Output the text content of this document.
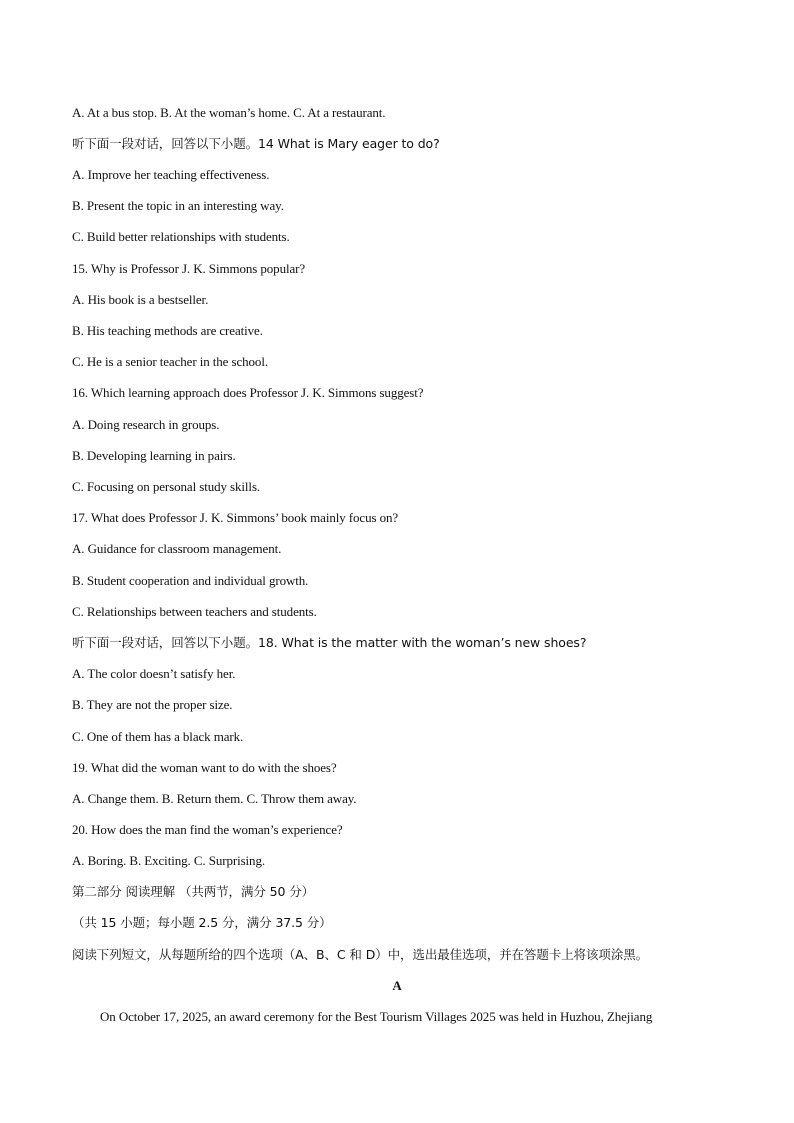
A. At a bus stop. B. At the woman’s home. C. At a restaurant.
听下面一段对话，回答以下小题。14 What is Mary eager to do?
A. Improve her teaching effectiveness.
B. Present the topic in an interesting way.
C. Build better relationships with students.
15. Why is Professor J. K. Simmons popular?
A. His book is a bestseller.
B. His teaching methods are creative.
C. He is a senior teacher in the school.
16. Which learning approach does Professor J. K. Simmons suggest?
A. Doing research in groups.
B. Developing learning in pairs.
C. Focusing on personal study skills.
17. What does Professor J. K. Simmons’ book mainly focus on?
A. Guidance for classroom management.
B. Student cooperation and individual growth.
C. Relationships between teachers and students.
听下面一段对话，回答以下小题。18. What is the matter with the woman’s new shoes?
A. The color doesn’t satisfy her.
B. They are not the proper size.
C. One of them has a black mark.
19. What did the woman want to do with the shoes?
A. Change them. B. Return them. C. Throw them away.
20. How does the man find the woman’s experience?
A. Boring. B. Exciting. C. Surprising.
第二部分 阅读理解 （共两节，满分 50 分）
（共 15 小题；每小题 2.5 分，满分 37.5 分）
阅读下列短文，从每题所给的四个选项（A、B、C 和 D）中，选出最佳选项，并在答题卡上将该项涂黑。
A
On October 17, 2025, an award ceremony for the Best Tourism Villages 2025 was held in Huzhou, Zhejiang
